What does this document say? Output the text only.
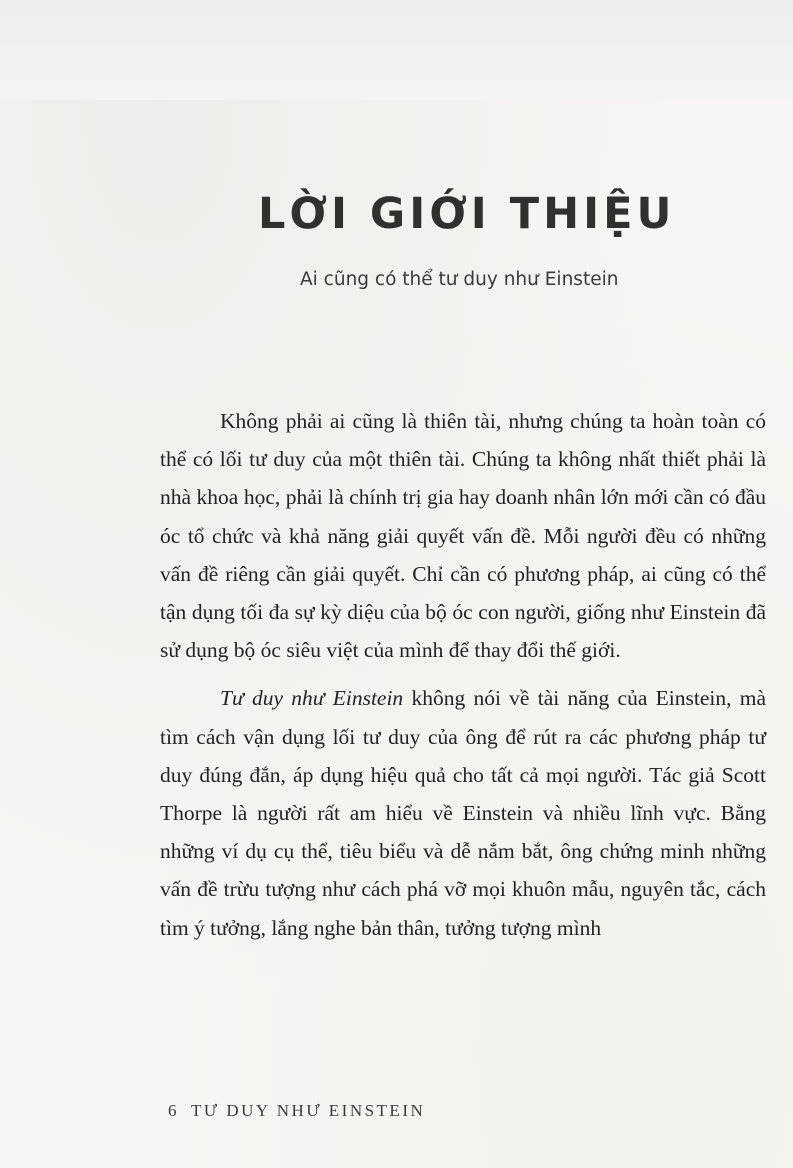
LỜI GIỚI THIỆU

Ai cũng có thể tư duy như Einstein

Không phải ai cũng là thiên tài, nhưng chúng ta hoàn toàn có thể có lối tư duy của một thiên tài. Chúng ta không nhất thiết phải là nhà khoa học, phải là chính trị gia hay doanh nhân lớn mới cần có đầu óc tổ chức và khả năng giải quyết vấn đề. Mỗi người đều có những vấn đề riêng cần giải quyết. Chỉ cần có phương pháp, ai cũng có thể tận dụng tối đa sự kỳ diệu của bộ óc con người, giống như Einstein đã sử dụng bộ óc siêu việt của mình để thay đổi thế giới.

Tư duy như Einstein không nói về tài năng của Einstein, mà tìm cách vận dụng lối tư duy của ông để rút ra các phương pháp tư duy đúng đắn, áp dụng hiệu quả cho tất cả mọi người. Tác giả Scott Thorpe là người rất am hiểu về Einstein và nhiều lĩnh vực. Bằng những ví dụ cụ thể, tiêu biểu và dễ nắm bắt, ông chứng minh những vấn đề trừu tượng như cách phá vỡ mọi khuôn mẫu, nguyên tắc, cách tìm ý tưởng, lắng nghe bản thân, tưởng tượng mình

6 TƯ DUY NHƯ EINSTEIN
